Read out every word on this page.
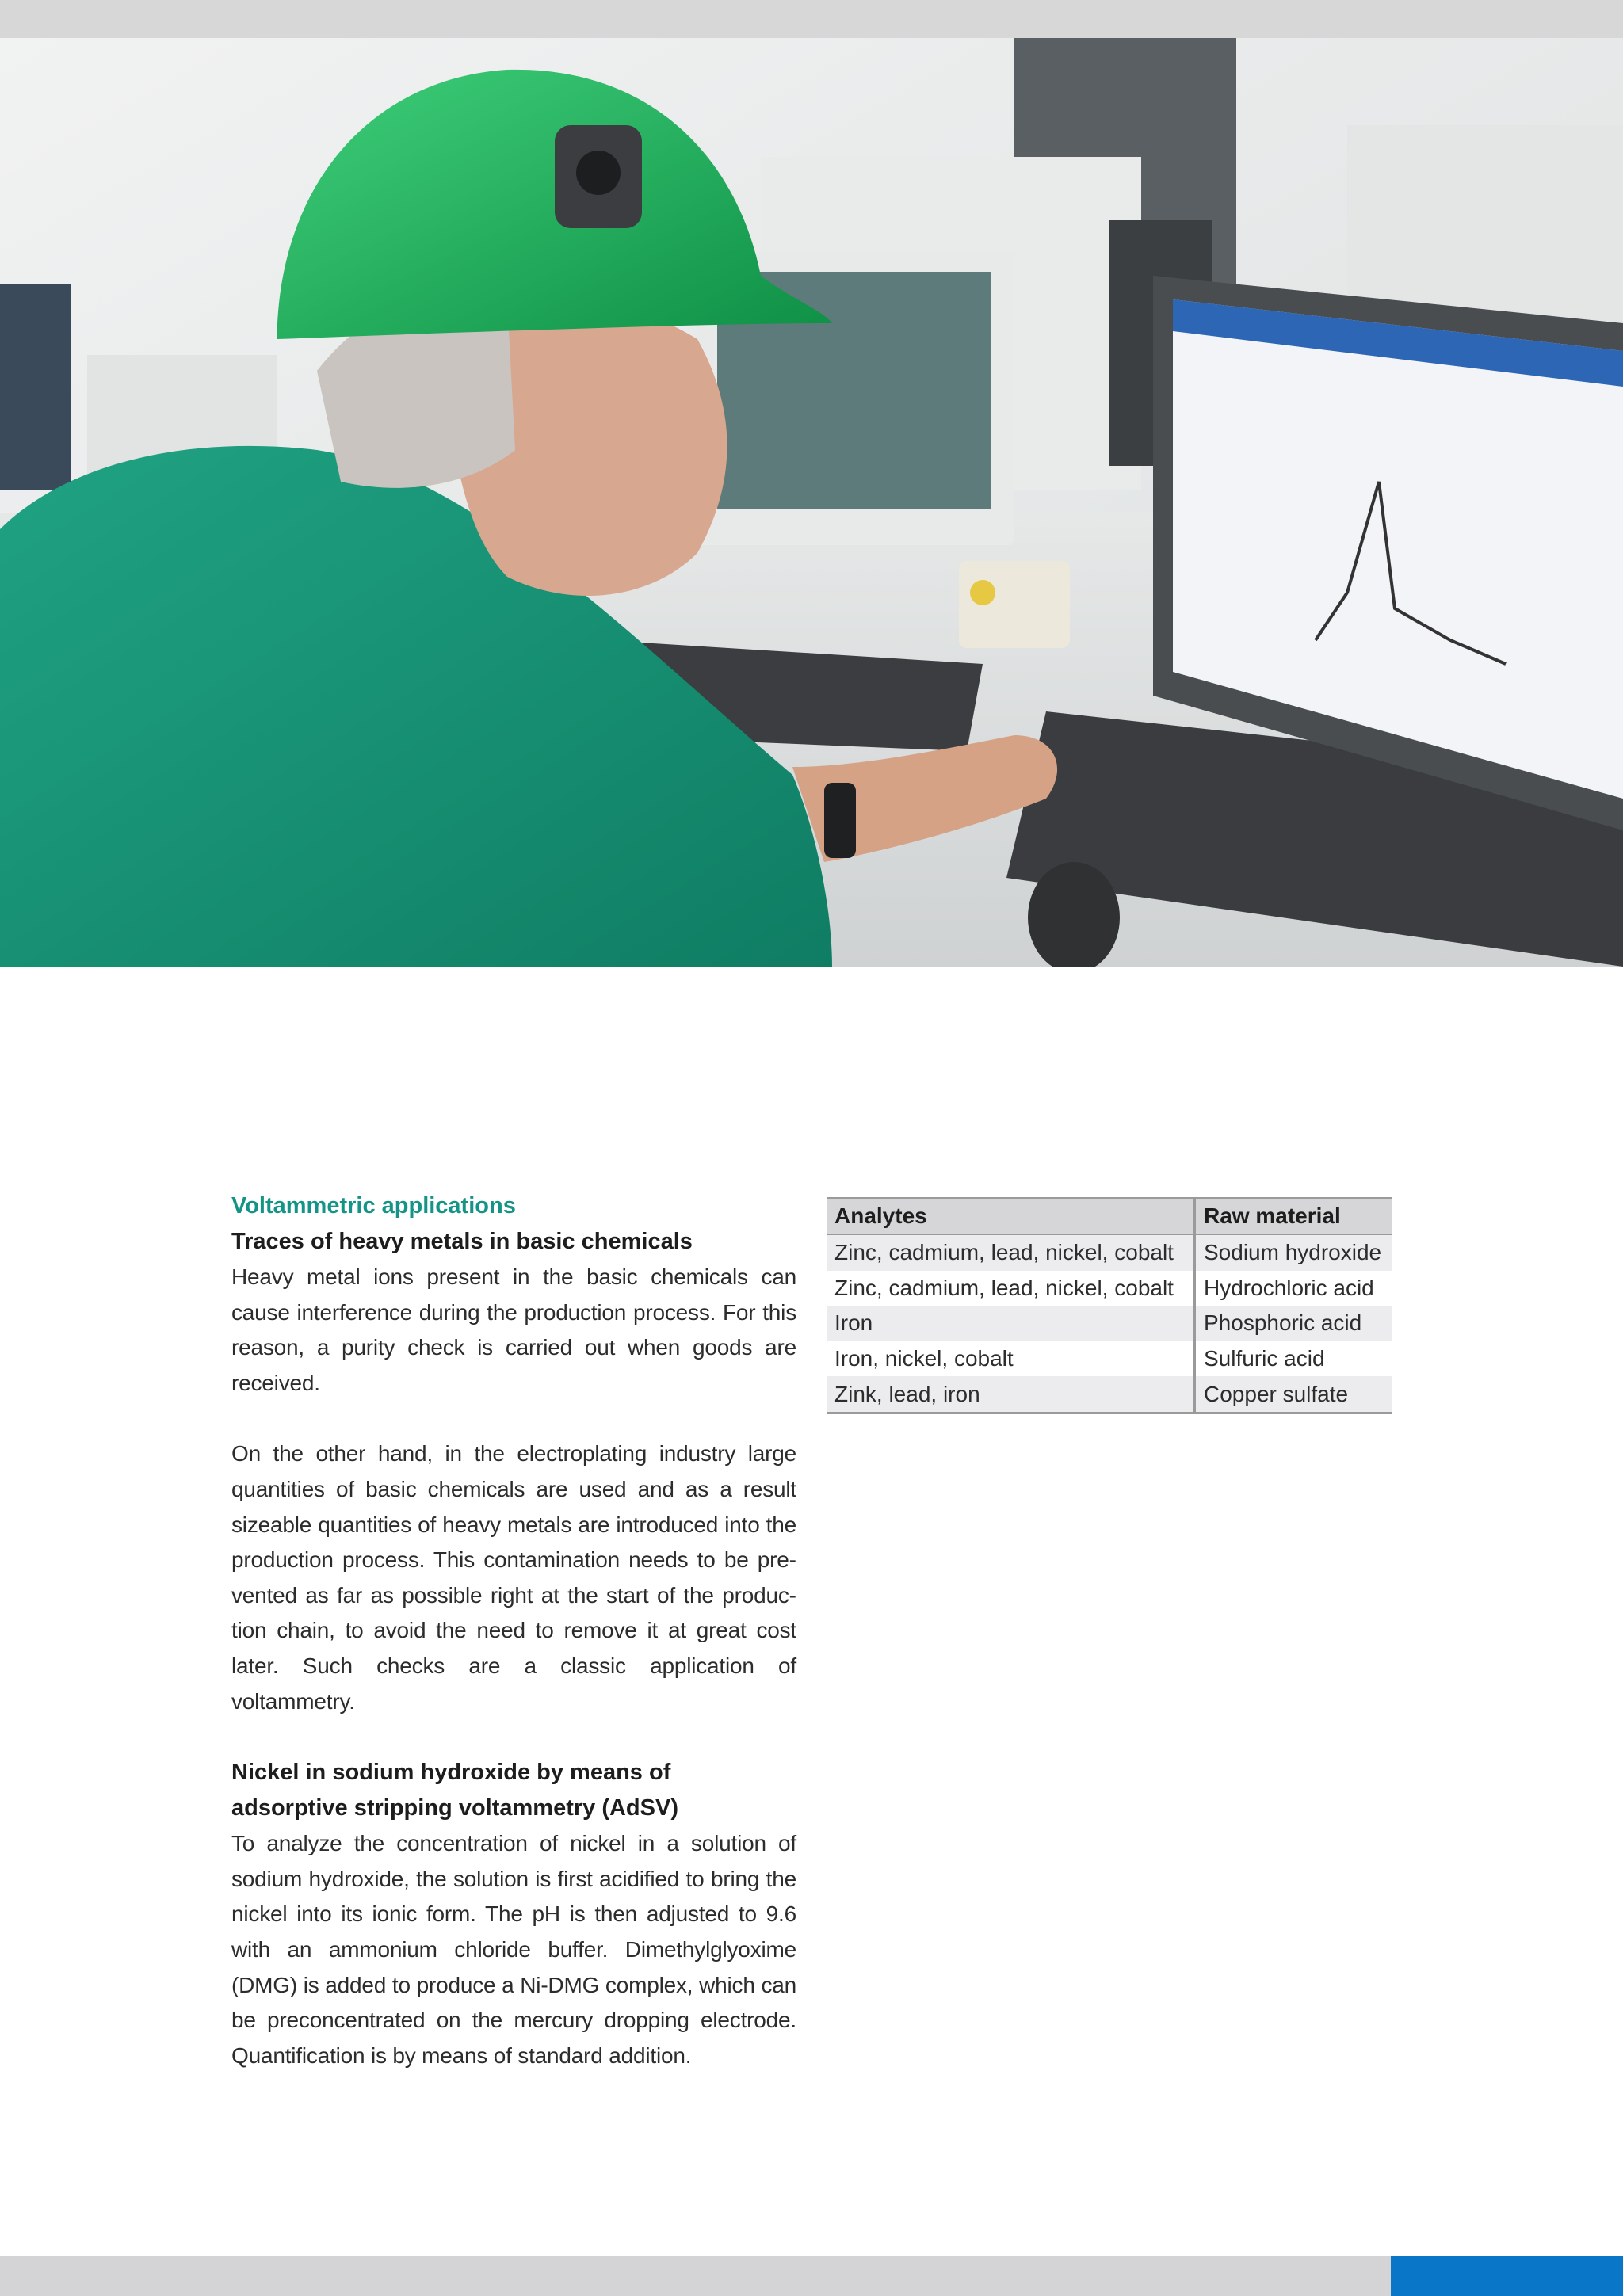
Voltammetric applications

Traces of heavy metals in basic chemicals

Heavy metal ions present in the basic chemicals can cause interference during the production process. For this reason, a purity check is carried out when goods are received.

On the other hand, in the electroplating industry large quantities of basic chemicals are used and as a result sizeable quantities of heavy metals are introduced into the production process. This contamination needs to be prevented as far as possible right at the start of the production chain, to avoid the need to remove it at great cost later. Such checks are a classic application of voltammetry.

Nickel in sodium hydroxide by means of

adsorptive stripping voltammetry (AdSV)

To analyze the concentration of nickel in a solution of sodium hydroxide, the solution is first acidified to bring the nickel into its ionic form. The pH is then adjusted to 9.6 with an ammonium chloride buffer. Dimethylglyoxime (DMG) is added to produce a Ni-DMG complex, which can be preconcentrated on the mercury dropping electrode. Quantification is by means of standard addition.

Analytes	Raw material
Zinc, cadmium, lead, nickel, cobalt	Sodium hydroxide
Zinc, cadmium, lead, nickel, cobalt	Hydrochloric acid
Iron	Phosphoric acid
Iron, nickel, cobalt	Sulfuric acid
Zink, lead, iron	Copper sulfate
